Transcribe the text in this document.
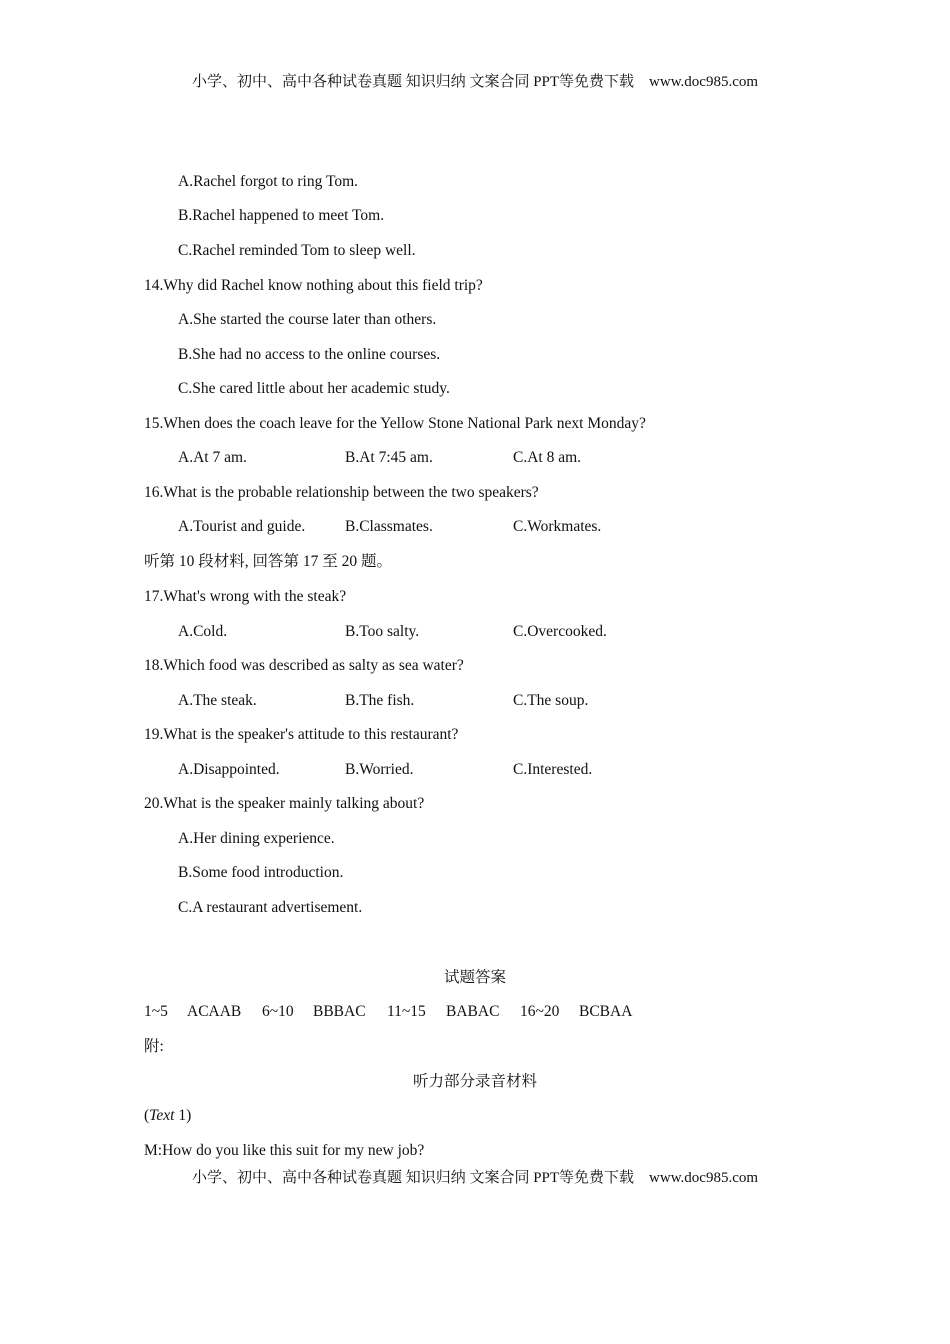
小学、初中、高中各种试卷真题 知识归纳 文案合同 PPT等免费下载    www.doc985.com
A.Rachel forgot to ring Tom.
B.Rachel happened to meet Tom.
C.Rachel reminded Tom to sleep well.
14.Why did Rachel know nothing about this field trip?
A.She started the course later than others.
B.She had no access to the online courses.
C.She cared little about her academic study.
15.When does the coach leave for the Yellow Stone National Park next Monday?
A.At 7 am.	B.At 7:45 am.	C.At 8 am.
16.What is the probable relationship between the two speakers?
A.Tourist and guide.	B.Classmates.	C.Workmates.
听第 10 段材料, 回答第 17 至 20 题。
17.What's wrong with the steak?
A.Cold.	B.Too salty.	C.Overcooked.
18.Which food was described as salty as sea water?
A.The steak.	B.The fish.	C.The soup.
19.What is the speaker's attitude to this restaurant?
A.Disappointed.	B.Worried.	C.Interested.
20.What is the speaker mainly talking about?
A.Her dining experience.
B.Some food introduction.
C.A restaurant advertisement.
试题答案
1~5 ACAAB 6~10 BBBAC 11~15 BABAC 16~20 BCBAA
附:
听力部分录音材料
(Text 1)
M:How do you like this suit for my new job?
小学、初中、高中各种试卷真题 知识归纳 文案合同 PPT等免费下载    www.doc985.com
